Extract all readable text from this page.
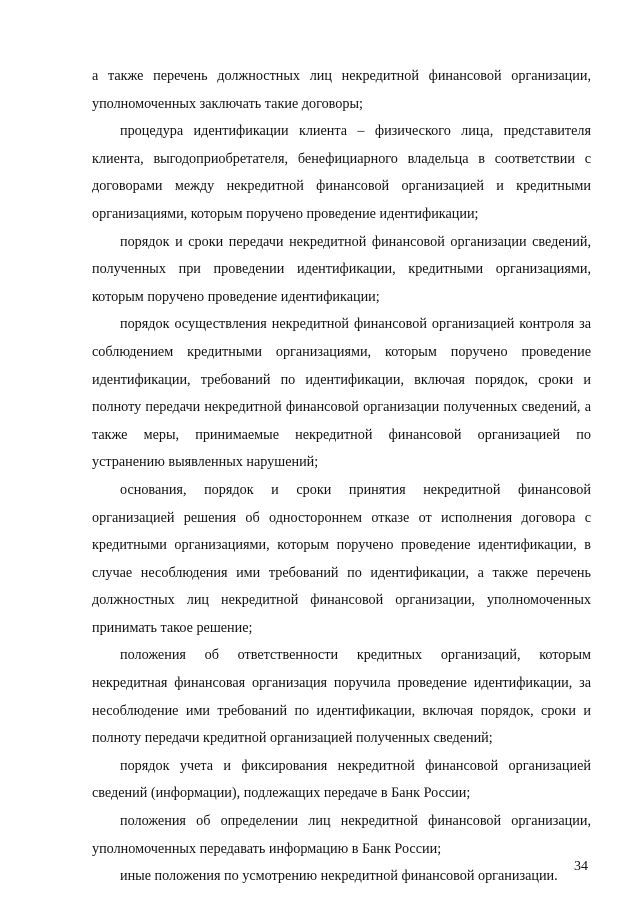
а также перечень должностных лиц некредитной финансовой организации, уполномоченных заключать такие договоры;

процедура идентификации клиента – физического лица, представителя клиента, выгодоприобретателя, бенефициарного владельца в соответствии с договорами между некредитной финансовой организацией и кредитными организациями, которым поручено проведение идентификации;

порядок и сроки передачи некредитной финансовой организации сведений, полученных при проведении идентификации, кредитными организациями, которым поручено проведение идентификации;

порядок осуществления некредитной финансовой организацией контроля за соблюдением кредитными организациями, которым поручено проведение идентификации, требований по идентификации, включая порядок, сроки и полноту передачи некредитной финансовой организации полученных сведений, а также меры, принимаемые некредитной финансовой организацией по устранению выявленных нарушений;

основания, порядок и сроки принятия некредитной финансовой организацией решения об одностороннем отказе от исполнения договора с кредитными организациями, которым поручено проведение идентификации, в случае несоблюдения ими требований по идентификации, а также перечень должностных лиц некредитной финансовой организации, уполномоченных принимать такое решение;

положения об ответственности кредитных организаций, которым некредитная финансовая организация поручила проведение идентификации, за несоблюдение ими требований по идентификации, включая порядок, сроки и полноту передачи кредитной организацией полученных сведений;

порядок учета и фиксирования некредитной финансовой организацией сведений (информации), подлежащих передаче в Банк России;

положения об определении лиц некредитной финансовой организации, уполномоченных передавать информацию в Банк России;

иные положения по усмотрению некредитной финансовой организации.

34
